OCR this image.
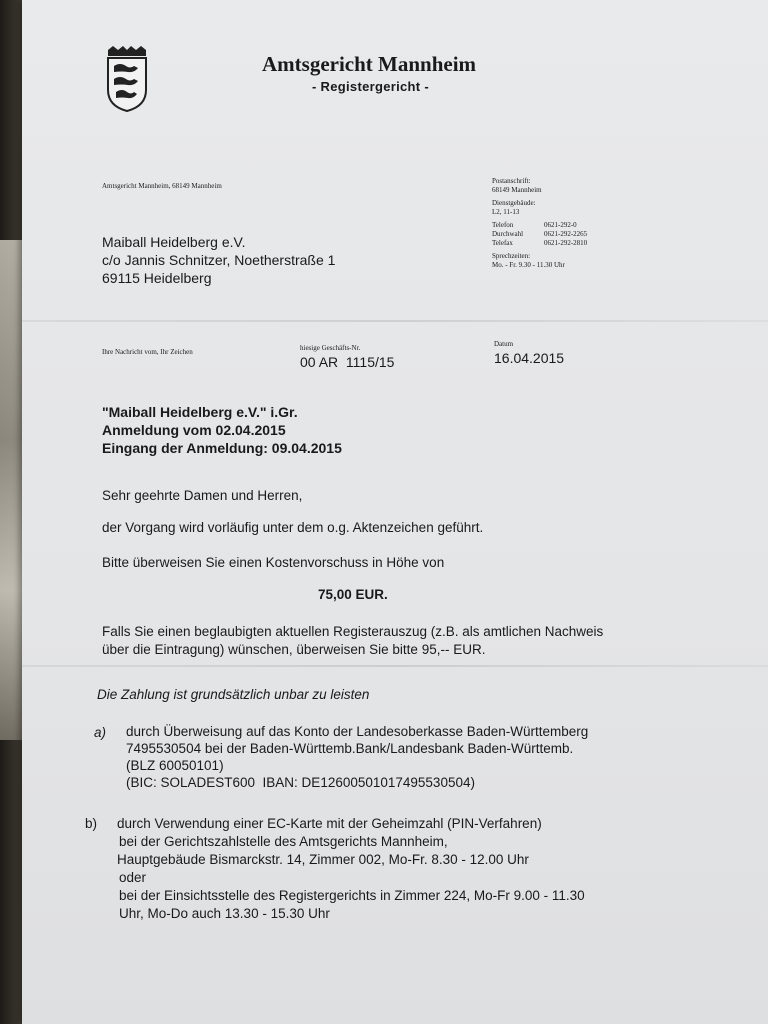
Amtsgericht Mannheim
- Registergericht -
Amtsgericht Mannheim, 68149 Mannheim
Postanschrift:
68149 Mannheim
Dienstgebäude:
L2, 11-13
Telefon	0621-292-0
Durchwahl	0621-292-2265
Telefax	0621-292-2810
Sprechzeiten:
Mo. - Fr. 9.30 - 11.30 Uhr
Maiball Heidelberg e.V.
c/o Jannis Schnitzer, Noetherstraße 1
69115 Heidelberg
Ihre Nachricht vom, Ihr Zeichen	hiesige Geschäfts-Nr.
00 AR  1115/15
Datum
16.04.2015
"Maiball Heidelberg e.V." i.Gr.
Anmeldung vom 02.04.2015
Eingang der Anmeldung: 09.04.2015
Sehr geehrte Damen und Herren,
der Vorgang wird vorläufig unter dem o.g. Aktenzeichen geführt.
Bitte überweisen Sie einen Kostenvorschuss in Höhe von
75,00 EUR.
Falls Sie einen beglaubigten aktuellen Registerauszug (z.B. als amtlichen Nachweis
über die Eintragung) wünschen, überweisen Sie bitte 95,-- EUR.
Die Zahlung ist grundsätzlich unbar zu leisten
a) durch Überweisung auf das Konto der Landesoberkasse Baden-Württemberg
7495530504 bei der Baden-Württemb.Bank/Landesbank Baden-Württemb.
(BLZ 60050101)
(BIC: SOLADEST600  IBAN: DE12600501017495530504)
b) durch Verwendung einer EC-Karte mit der Geheimzahl (PIN-Verfahren)
bei der Gerichtszahlstelle des Amtsgerichts Mannheim,
Hauptgebäude Bismarckstr. 14, Zimmer 002, Mo-Fr. 8.30 - 12.00 Uhr
oder
bei der Einsichtsstelle des Registergerichts in Zimmer 224, Mo-Fr 9.00 - 11.30
Uhr, Mo-Do auch 13.30 - 15.30 Uhr
